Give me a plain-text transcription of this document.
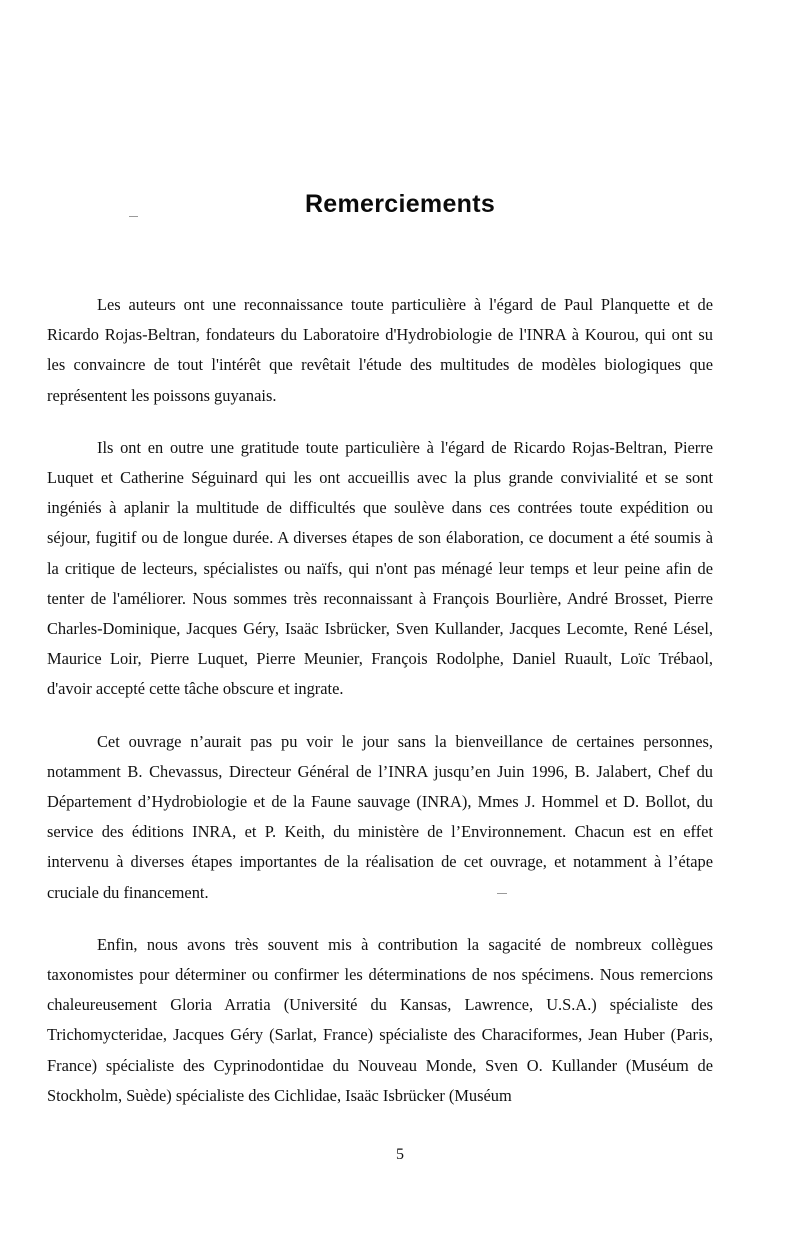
Remerciements

Les auteurs ont une reconnaissance toute particulière à l'égard de Paul Planquette et de Ricardo Rojas-Beltran, fondateurs du Laboratoire d'Hydrobiologie de l'INRA à Kourou, qui ont su les convaincre de tout l'intérêt que revêtait l'étude des multitudes de modèles biologiques que représentent les poissons guyanais.

Ils ont en outre une gratitude toute particulière à l'égard de Ricardo Rojas-Beltran, Pierre Luquet et Catherine Séguinard qui les ont accueillis avec la plus grande convivialité et se sont ingéniés à aplanir la multitude de difficultés que soulève dans ces contrées toute expédition ou séjour, fugitif ou de longue durée. A diverses étapes de son élaboration, ce document a été soumis à la critique de lecteurs, spécialistes ou naïfs, qui n'ont pas ménagé leur temps et leur peine afin de tenter de l'améliorer. Nous sommes très reconnaissant à François Bourlière, André Brosset, Pierre Charles-Dominique, Jacques Géry, Isaäc Isbrücker, Sven Kullander, Jacques Lecomte, René Lésel, Maurice Loir, Pierre Luquet, Pierre Meunier, François Rodolphe, Daniel Ruault, Loïc Trébaol, d'avoir accepté cette tâche obscure et ingrate.

Cet ouvrage n’aurait pas pu voir le jour sans la bienveillance de certaines personnes, notamment B. Chevassus, Directeur Général de l’INRA jusqu’en Juin 1996, B. Jalabert, Chef du Département d’Hydrobiologie et de la Faune sauvage (INRA), Mmes J. Hommel et D. Bollot, du service des éditions INRA, et P. Keith, du ministère de l’Environnement. Chacun est en effet intervenu à diverses étapes importantes de la réalisation de cet ouvrage, et notamment à l’étape cruciale du financement.

Enfin, nous avons très souvent mis à contribution la sagacité de nombreux collègues taxonomistes pour déterminer ou confirmer les déterminations de nos spécimens. Nous remercions chaleureusement Gloria Arratia (Université du Kansas, Lawrence, U.S.A.) spécialiste des Trichomycteridae, Jacques Géry (Sarlat, France) spécialiste des Characiformes, Jean Huber (Paris, France) spécialiste des Cyprinodontidae du Nouveau Monde, Sven O. Kullander (Muséum de Stockholm, Suède) spécialiste des Cichlidae, Isaäc Isbrücker (Muséum

5
